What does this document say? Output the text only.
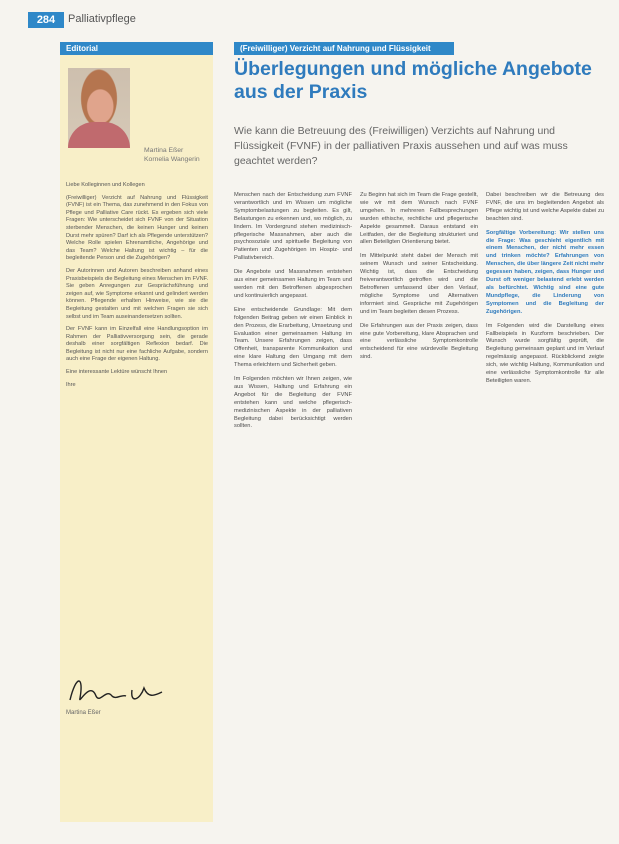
284	Palliativpflege
Editorial
Martina Eßer
Kornelia Wangerin

Liebe Kolleginnen und Kollegen

(Freiwilliger) Verzicht auf Nahrung und Flüssigkeit (FVNF) ist ein Thema, das zunehmend in den Fokus von Pflege und Palliative Care rückt. Es ergeben sich viele Fragen: Wie unterscheidet sich FVNF von der Situation sterbender Menschen, die keinen Hunger und keinen Durst mehr spüren? Darf ich als Pflegende unterstützen? Welche Rolle spielen Ehrenamtliche, Angehörige und das Team? Welche Haltung ist wichtig – für die begleitende Person und die Zugehörigen?

Der Autorinnen und Autoren beschreiben anhand eines Praxisbeispiels die Begleitung eines Menschen im FVNF. Sie geben Anregungen zur Gesprächsführung und zeigen auf, wie Symptome erkannt und gelindert werden können. Pflegende erhalten Hinweise, wie sie die Begleitung gestalten und mit welchen Fragen sie sich selbst und im Team auseinandersetzen sollten.

Der FVNF kann im Einzelfall eine Handlungsoption im Rahmen der Palliativversorgung sein, die gerade deshalb einer sorgfältigen Reflexion bedarf. Die Begleitung ist nicht nur eine fachliche Aufgabe, sondern auch eine Frage der eigenen Haltung.

Eine interessante Lektüre wünscht Ihnen

Ihre

Martina Eßer
(Freiwilliger) Verzicht auf Nahrung und Flüssigkeit
Überlegungen und mögliche Angebote aus der Praxis
Wie kann die Betreuung des (Freiwilligen) Verzichts auf Nahrung und Flüssigkeit (FVNF) in der palliativen Praxis aussehen und auf was muss geachtet werden?

Menschen nach der Entscheidung zum FVNF verantwortlich und im Wissen um mögliche Symptombelastungen zu begleiten. Es gilt, Belastungen zu erkennen und, wo möglich, zu lindern. Im Vordergrund stehen medizinisch-pflegerische Massnahmen, aber auch die psychosoziale und spirituelle Begleitung von Patienten und Zugehörigen im Hospiz- und Palliativbereich.

Die Angebote und Massnahmen entstehen aus einer gemeinsamen Haltung im Team und werden mit den Betroffenen abgesprochen und kontinuierlich angepasst.

Eine entscheidende Grundlage: Mit dem folgenden Beitrag geben wir einen Einblick in den Prozess, die Erarbeitung, Umsetzung und Evaluation einer gemeinsamen Haltung im Team. Unsere Erfahrungen zeigen, dass Offenheit, transparente Kommunikation und eine klare Haltung den Umgang mit dem Thema erleichtern und Sicherheit geben.

Im Folgenden möchten wir Ihnen zeigen, wie aus Wissen, Haltung und Erfahrung ein Angebot für die Begleitung der FVNF entstehen kann und welche pflegerisch-medizinischen Aspekte in der palliativen Begleitung dabei berücksichtigt werden sollten.

Zu Beginn hat sich im Team die Frage gestellt, wie wir mit dem Wunsch nach FVNF umgehen. In mehreren Fallbesprechungen wurden ethische, rechtliche und pflegerische Aspekte gesammelt. Daraus entstand ein Leitfaden, der die Begleitung strukturiert und allen Beteiligten Orientierung bietet.

Im Mittelpunkt steht dabei der Mensch mit seinem Wunsch und seiner Entscheidung. Wichtig ist, dass die Entscheidung freiverantwortlich getroffen wird und die Betroffenen umfassend über den Verlauf, mögliche Symptome und Alternativen informiert sind. Gespräche mit Zugehörigen und im Team begleiten diesen Prozess.

Die Erfahrungen aus der Praxis zeigen, dass eine gute Vorbereitung, klare Absprachen und eine verlässliche Symptomkontrolle entscheidend für eine würdevolle Begleitung sind.

Dabei beschreiben wir die Betreuung des FVNF, die uns im begleitenden Angebot als Pflege wichtig ist und welche Aspekte dabei zu beachten sind.

Sorgfältige Vorbereitung: Wir stellen uns die Frage: Was geschieht eigentlich mit einem Menschen, der nicht mehr essen und trinken möchte? Erfahrungen von Menschen, die über längere Zeit nicht mehr gegessen haben, zeigen, dass Hunger und Durst oft weniger belastend erlebt werden als befürchtet. Wichtig sind eine gute Mundpflege, die Linderung von Symptomen und die Begleitung der Zugehörigen.

Im Folgenden wird die Darstellung eines Fallbeispiels in Kurzform beschrieben. Der Wunsch wurde sorgfältig geprüft, die Begleitung gemeinsam geplant und im Verlauf regelmässig angepasst. Rückblickend zeigte sich, wie wichtig Haltung, Kommunikation und eine verlässliche Symptomkontrolle für alle Beteiligten waren.
